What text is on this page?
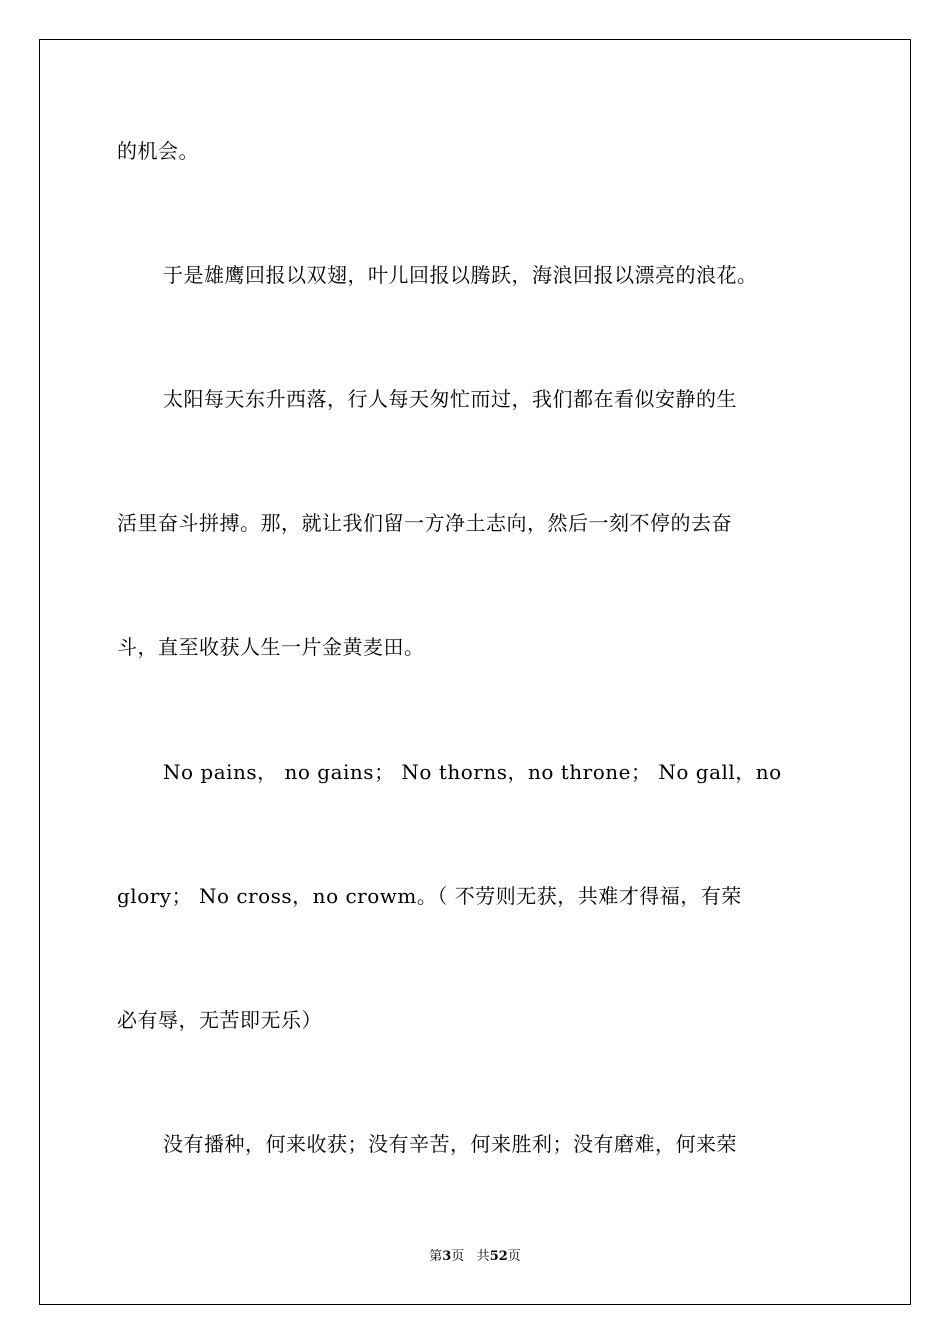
的机会。
于是雄鹰回报以双翅，叶儿回报以腾跃，海浪回报以漂亮的浪花。
太阳每天东升西落，行人每天匆忙而过，我们都在看似安静的生
活里奋斗拼搏。那，就让我们留一方净土志向，然后一刻不停的去奋
斗，直至收获人生一片金黄麦田。
No pains， no gains； No thorns，no throne； No gall，no
glory； No cross，no crowm。（ 不劳则无获，共难才得福，有荣
必有辱，无苦即无乐）
没有播种，何来收获；没有辛苦，何来胜利；没有磨难，何来荣
第3页 共52页
